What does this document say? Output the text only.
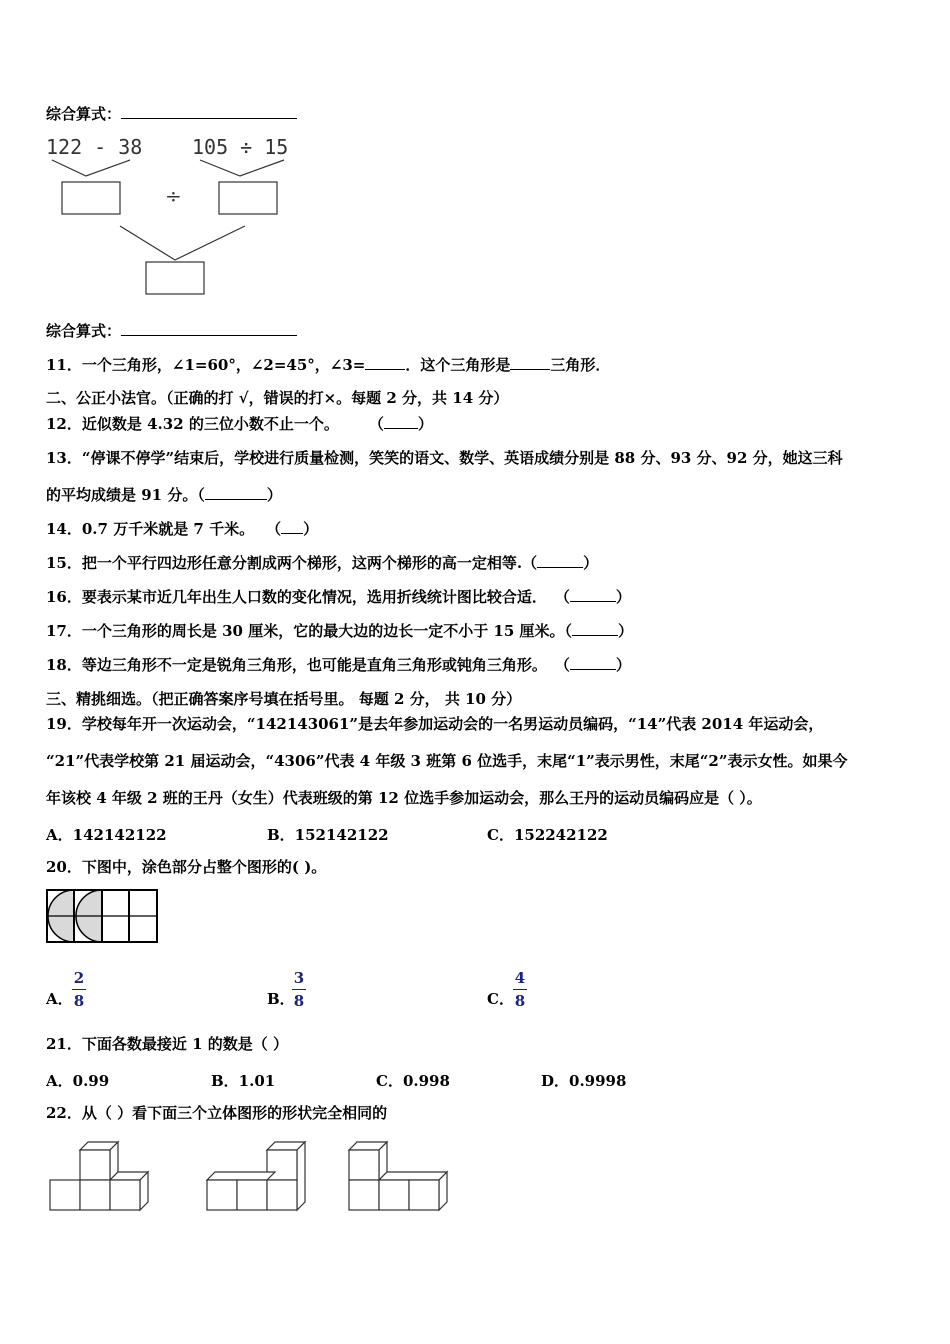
综合算式：
122 - 38 105 ÷ 15
÷
综合算式：
11．一个三角形，∠1=60°，∠2=45°，∠3=	．这个三角形是	三角形．
二、公正小法官。（正确的打 √，错误的打×。每题 2 分，共 14 分）
12．近似数是 4.32 的三位小数不止一个。 （ ）
13．“停课不停学”结束后，学校进行质量检测，笑笑的语文、数学、英语成绩分别是 88 分、93 分、92 分，她这三科
的平均成绩是 91 分。（	）
14．0.7 万千米就是 7 千米。 （ ）
15．把一个平行四边形任意分割成两个梯形，这两个梯形的高一定相等.（	）
16．要表示某市近几年出生人口数的变化情况，选用折线统计图比较合适． （	）
17．一个三角形的周长是 30 厘米，它的最大边的边长一定不小于 15 厘米。（	）
18．等边三角形不一定是锐角三角形，也可能是直角三角形或钝角三角形。 （	）
三、精挑细选。（把正确答案序号填在括号里。 每题 2 分， 共 10 分）
19．学校每年开一次运动会，“142143061”是去年参加运动会的一名男运动员编码，“14”代表 2014 年运动会，
“21”代表学校第 21 届运动会，“4306”代表 4 年级 3 班第 6 位选手，末尾“1”表示男性，末尾“2”表示女性。如果今
年该校 4 年级 2 班的王丹（女生）代表班级的第 12 位选手参加运动会，那么王丹的运动员编码应是（ ）。
A．142142122	B．152142122	C．152242122
20．下图中，涂色部分占整个图形的( )。
A．
2
8	B．
3
8	C．
4
8
21．下面各数最接近 1 的数是（ ）
A．0.99	B．1.01	C．0.998	D．0.9998
22．从（ ）看下面三个立体图形的形状完全相同的
